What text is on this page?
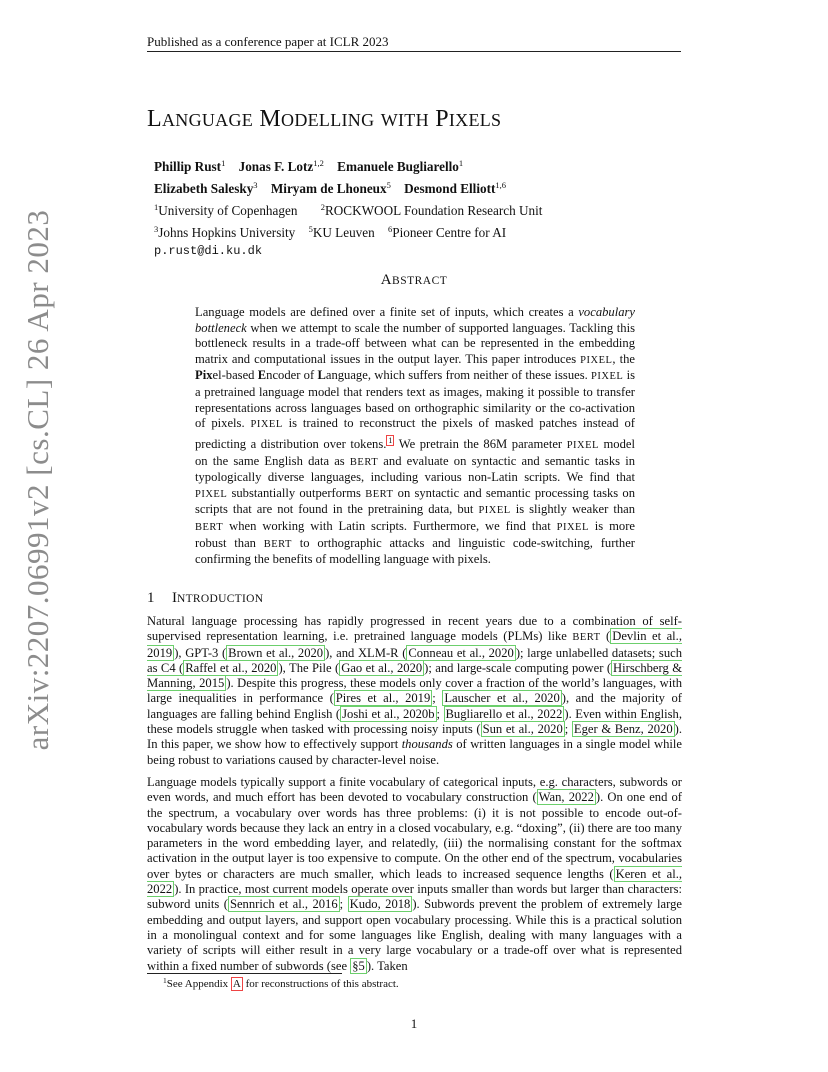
Published as a conference paper at ICLR 2023
arXiv:2207.06991v2 [cs.CL] 26 Apr 2023
LANGUAGE MODELLING WITH PIXELS
Phillip Rust$^1$ Jonas F. Lotz$^{1,2}$ Emanuele Bugliarello$^1$
Elizabeth Salesky$^3$ Miryam de Lhoneux$^5$ Desmond Elliott$^{1,6}$
$^1$University of Copenhagen	$^2$ROCKWOOL Foundation Research Unit
$^3$Johns Hopkins University $^5$KU Leuven $^6$Pioneer Centre for AI
p.rust@di.ku.dk
ABSTRACT
Language models are defined over a finite set of inputs, which creates a vocabulary bottleneck when we attempt to scale the number of supported languages. Tackling this bottleneck results in a trade-off between what can be represented in the embedding matrix and computational issues in the output layer. This paper introduces PIXEL, the Pixel-based Encoder of Language, which suffers from neither of these issues. PIXEL is a pretrained language model that renders text as images, making it possible to transfer representations across languages based on orthographic similarity or the co-activation of pixels. PIXEL is trained to reconstruct the pixels of masked patches instead of predicting a distribution over tokens. $^1$ We pretrain the 86M parameter PIXEL model on the same English data as BERT and evaluate on syntactic and semantic tasks in typologically diverse languages, including various non-Latin scripts. We find that PIXEL substantially outperforms BERT on syntactic and semantic processing tasks on scripts that are not found in the pretraining data, but PIXEL is slightly weaker than BERT when working with Latin scripts. Furthermore, we find that PIXEL is more robust than BERT to orthographic attacks and linguistic code-switching, further confirming the benefits of modelling language with pixels.
1 INTRODUCTION

Natural language processing has rapidly progressed in recent years due to a combination of self-supervised representation learning, i.e. pretrained language models (PLMs) like BERT ( Devlin et al., 2019 ), GPT-3 ( Brown et al., 2020 ), and XLM-R ( Conneau et al., 2020 ); large unlabelled datasets; such as C4 ( Raffel et al., 2020 ), The Pile ( Gao et al., 2020 ); and large-scale computing power ( Hirschberg & Manning, 2015 ). Despite this progress, these models only cover a fraction of the world’s languages, with large inequalities in performance ( Pires et al., 2019 ; Lauscher et al., 2020 ), and the majority of languages are falling behind English ( Joshi et al., 2020b ; Bugliarello et al., 2022 ). Even within English, these models struggle when tasked with processing noisy inputs ( Sun et al., 2020 ; Eger & Benz, 2020 ). In this paper, we show how to effectively support thousands of written languages in a single model while being robust to variations caused by character-level noise.

Language models typically support a finite vocabulary of categorical inputs, e.g. characters, subwords or even words, and much effort has been devoted to vocabulary construction ( Wan, 2022 ). On one end of the spectrum, a vocabulary over words has three problems: (i) it is not possible to encode out-of-vocabulary words because they lack an entry in a closed vocabulary, e.g. “doxing”, (ii) there are too many parameters in the word embedding layer, and relatedly, (iii) the normalising constant for the softmax activation in the output layer is too expensive to compute. On the other end of the spectrum, vocabularies over bytes or characters are much smaller, which leads to increased sequence lengths ( Keren et al., 2022 ). In practice, most current models operate over inputs smaller than words but larger than characters: subword units ( Sennrich et al., 2016 ; Kudo, 2018 ). Subwords prevent the problem of extremely large embedding and output layers, and support open vocabulary processing. While this is a practical solution in a monolingual context and for some languages like English, dealing with many languages with a variety of scripts will either result in a very large vocabulary or a trade-off over what is represented within a fixed number of subwords (see §5 ). Taken

$^1$See Appendix A for reconstructions of this abstract.
1
